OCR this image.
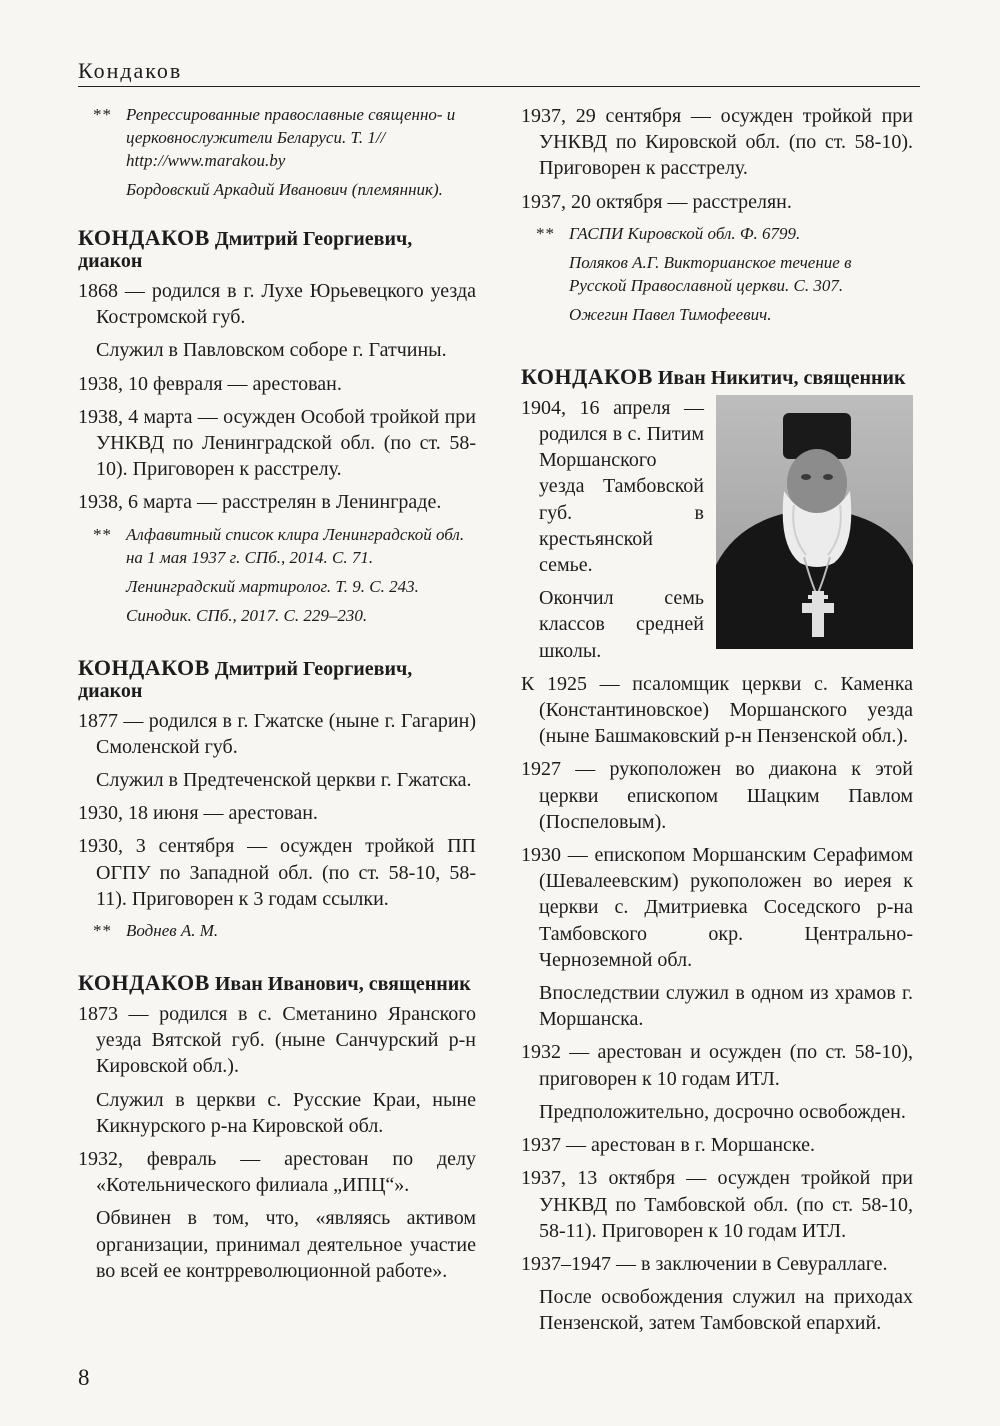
Кондаков
** Репрессированные православные священно- и церковнослужители Беларуси. Т. 1// http://www.marakou.by
Бордовский Аркадий Иванович (племянник).
КОНДАКОВ Дмитрий Георгиевич, диакон
1868 — родился в г. Лухе Юрьевецкого уезда Костромской губ.
Служил в Павловском соборе г. Гатчины.
1938, 10 февраля — арестован.
1938, 4 марта — осужден Особой тройкой при УНКВД по Ленинградской обл. (по ст. 58-10). Приговорен к расстрелу.
1938, 6 марта — расстрелян в Ленинграде.
** Алфавитный список клира Ленинградской обл. на 1 мая 1937 г. СПб., 2014. С. 71.
Ленинградский мартиролог. Т. 9. С. 243.
Синодик. СПб., 2017. С. 229–230.
КОНДАКОВ Дмитрий Георгиевич, диакон
1877 — родился в г. Гжатске (ныне г. Гагарин) Смоленской губ.
Служил в Предтеченской церкви г. Гжатска.
1930, 18 июня — арестован.
1930, 3 сентября — осужден тройкой ПП ОГПУ по Западной обл. (по ст. 58-10, 58-11). Приговорен к 3 годам ссылки.
** Воднев А. М.
КОНДАКОВ Иван Иванович, священник
1873 — родился в с. Сметанино Яранского уезда Вятской губ. (ныне Санчурский р-н Кировской обл.).
Служил в церкви с. Русские Краи, ныне Кикнурского р-на Кировской обл.
1932, февраль — арестован по делу «Котельнического филиала „ИПЦ“».
Обвинен в том, что, «являясь активом организации, принимал деятельное участие во всей ее контрреволюционной работе».
1937, 29 сентября — осужден тройкой при УНКВД по Кировской обл. (по ст. 58-10). Приговорен к расстрелу.
1937, 20 октября — расстрелян.
** ГАСПИ Кировской обл. Ф. 6799.
Поляков А.Г. Викторианское течение в Русской Православной церкви. С. 307.
Ожегин Павел Тимофеевич.
КОНДАКОВ Иван Никитич, священник
1904, 16 апреля — родился в с. Питим Моршанского уезда Тамбовской губ. в крестьянской семье.
Окончил семь классов средней школы.
К 1925 — псаломщик церкви с. Каменка (Константиновское) Моршанского уезда (ныне Башмаковский р-н Пензенской обл.).
1927 — рукоположен во диакона к этой церкви епископом Шацким Павлом (Поспеловым).
1930 — епископом Моршанским Серафимом (Шевалеевским) рукоположен во иерея к церкви с. Дмитриевка Соседского р-на Тамбовского окр. Центрально-Черноземной обл.
Впоследствии служил в одном из храмов г. Моршанска.
1932 — арестован и осужден (по ст. 58-10), приговорен к 10 годам ИТЛ.
Предположительно, досрочно освобожден.
1937 — арестован в г. Моршанске.
1937, 13 октября — осужден тройкой при УНКВД по Тамбовской обл. (по ст. 58-10, 58-11). Приговорен к 10 годам ИТЛ.
1937–1947 — в заключении в Севураллаге.
После освобождения служил на приходах Пензенской, затем Тамбовской епархий.
8
